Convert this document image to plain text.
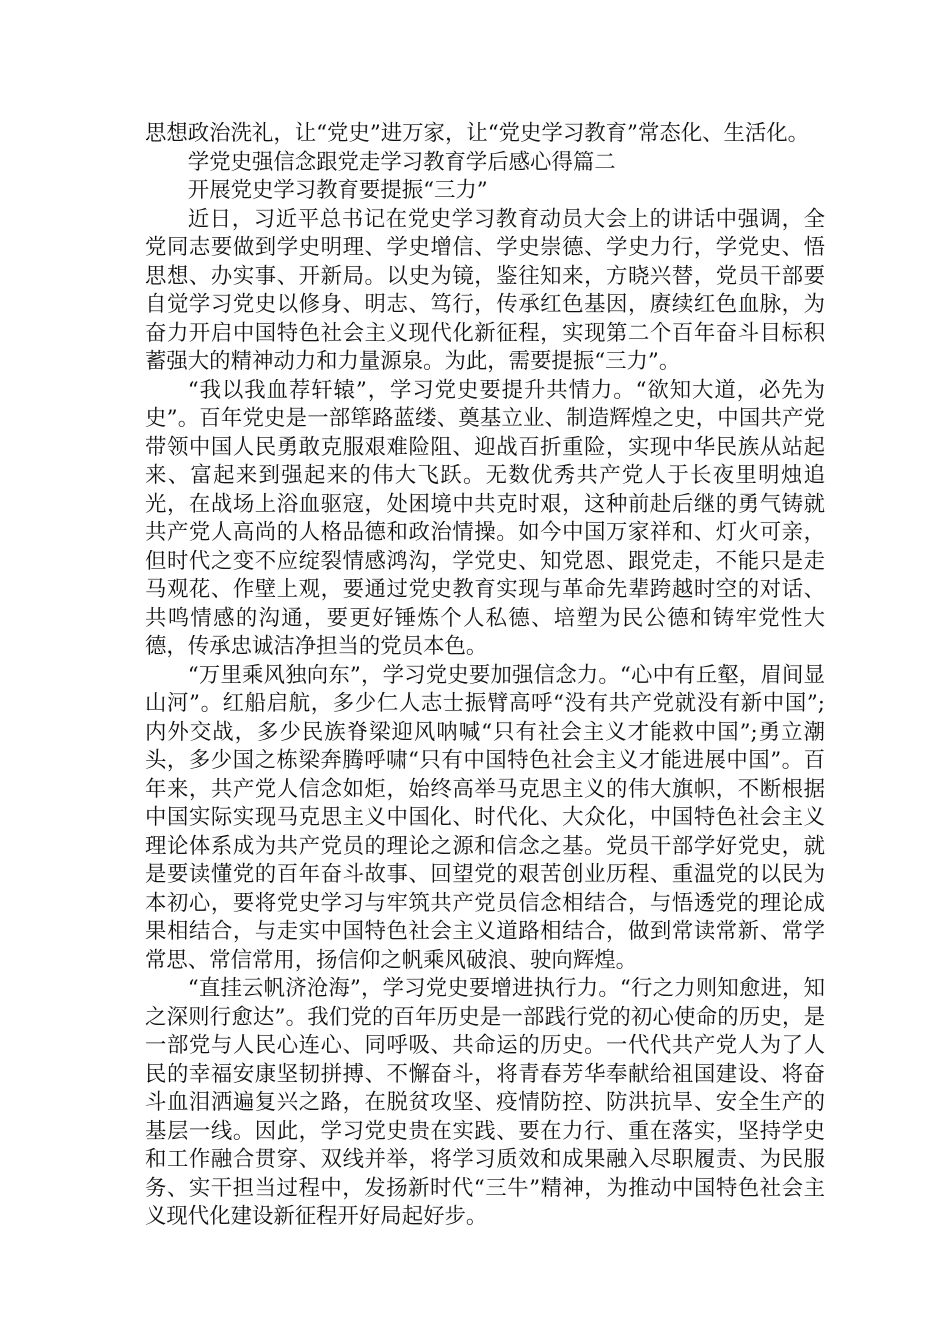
思想政治洗礼，让“党史”进万家，让“党史学习教育”常态化、生活化。

学党史强信念跟党走学习教育学后感心得篇二

开展党史学习教育要提振“三力”

近日，习近平总书记在党史学习教育动员大会上的讲话中强调，全党同志要做到学史明理、学史增信、学史崇德、学史力行，学党史、悟思想、办实事、开新局。以史为镜，鉴往知来，方晓兴替，党员干部要自觉学习党史以修身、明志、笃行，传承红色基因，赓续红色血脉，为奋力开启中国特色社会主义现代化新征程，实现第二个百年奋斗目标积蓄强大的精神动力和力量源泉。为此，需要提振“三力”。

“我以我血荐轩辕”，学习党史要提升共情力。“欲知大道，必先为史”。百年党史是一部筚路蓝缕、奠基立业、制造辉煌之史，中国共产党带领中国人民勇敢克服艰难险阻、迎战百折重险，实现中华民族从站起来、富起来到强起来的伟大飞跃。无数优秀共产党人于长夜里明烛追光，在战场上浴血驱寇，处困境中共克时艰，这种前赴后继的勇气铸就共产党人高尚的人格品德和政治情操。如今中国万家祥和、灯火可亲，但时代之变不应绽裂情感鸿沟，学党史、知党恩、跟党走，不能只是走马观花、作壁上观，要通过党史教育实现与革命先辈跨越时空的对话、共鸣情感的沟通，要更好锤炼个人私德、培塑为民公德和铸牢党性大德，传承忠诚洁净担当的党员本色。

“万里乘风独向东”，学习党史要加强信念力。“心中有丘壑，眉间显山河”。红船启航，多少仁人志士振臂高呼“没有共产党就没有新中国”;内外交战，多少民族脊梁迎风呐喊“只有社会主义才能救中国”;勇立潮头，多少国之栋梁奔腾呼啸“只有中国特色社会主义才能进展中国”。百年来，共产党人信念如炬，始终高举马克思主义的伟大旗帜，不断根据中国实际实现马克思主义中国化、时代化、大众化，中国特色社会主义理论体系成为共产党员的理论之源和信念之基。党员干部学好党史，就是要读懂党的百年奋斗故事、回望党的艰苦创业历程、重温党的以民为本初心，要将党史学习与牢筑共产党员信念相结合，与悟透党的理论成果相结合，与走实中国特色社会主义道路相结合，做到常读常新、常学常思、常信常用，扬信仰之帆乘风破浪、驶向辉煌。

“直挂云帆济沧海”，学习党史要增进执行力。“行之力则知愈进，知之深则行愈达”。我们党的百年历史是一部践行党的初心使命的历史，是一部党与人民心连心、同呼吸、共命运的历史。一代代共产党人为了人民的幸福安康坚韧拼搏、不懈奋斗，将青春芳华奉献给祖国建设、将奋斗血泪洒遍复兴之路，在脱贫攻坚、疫情防控、防洪抗旱、安全生产的基层一线。因此，学习党史贵在实践、要在力行、重在落实，坚持学史和工作融合贯穿、双线并举，将学习质效和成果融入尽职履责、为民服务、实干担当过程中，发扬新时代“三牛”精神，为推动中国特色社会主义现代化建设新征程开好局起好步。
